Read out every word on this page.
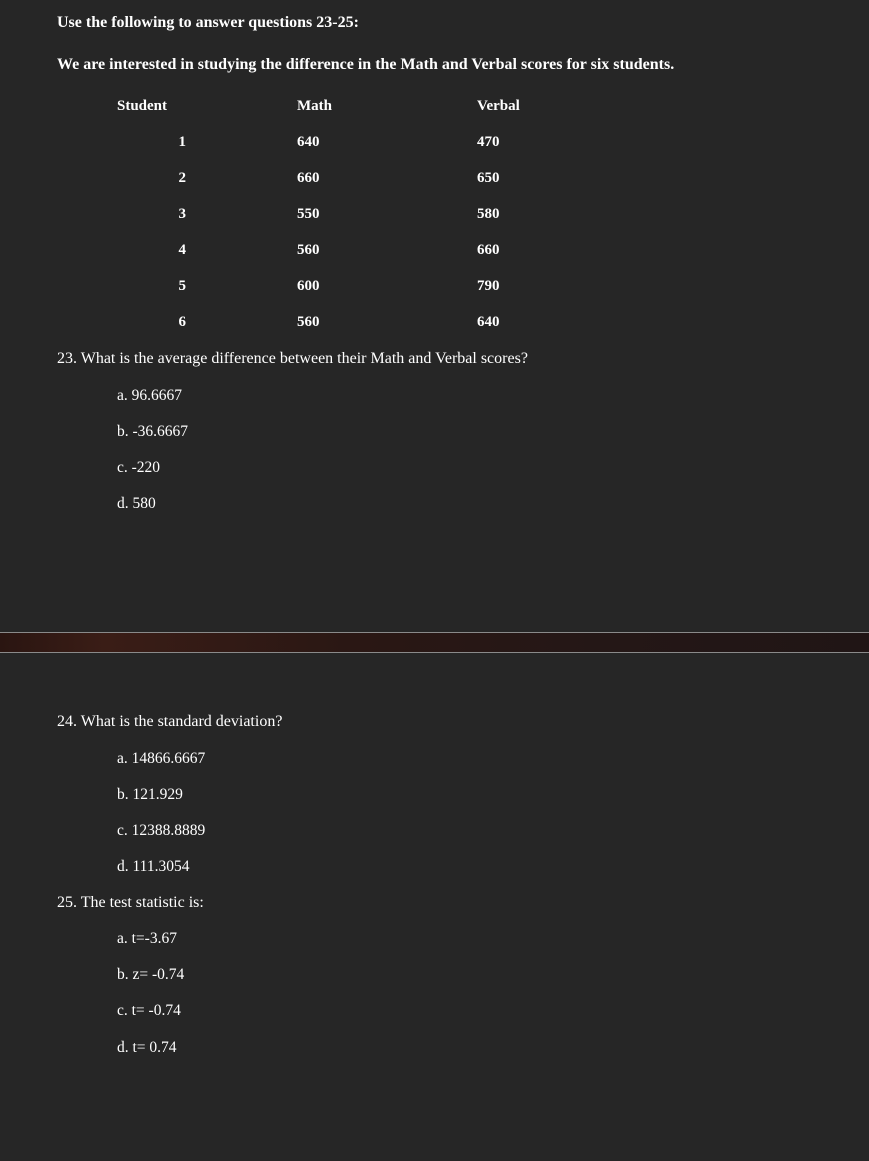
Use the following to answer questions 23-25:
We are interested in studying the difference in the Math and Verbal scores for six students.
Student	Math	Verbal
1	640	470
2	660	650
3	550	580
4	560	660
5	600	790
6	560	640
23. What is the average difference between their Math and Verbal scores?
a. 96.6667
b. -36.6667
c. -220
d. 580
24. What is the standard deviation?
a. 14866.6667
b. 121.929
c. 12388.8889
d. 111.3054
25. The test statistic is:
a. t=-3.67
b. z= -0.74
c. t= -0.74
d. t= 0.74
